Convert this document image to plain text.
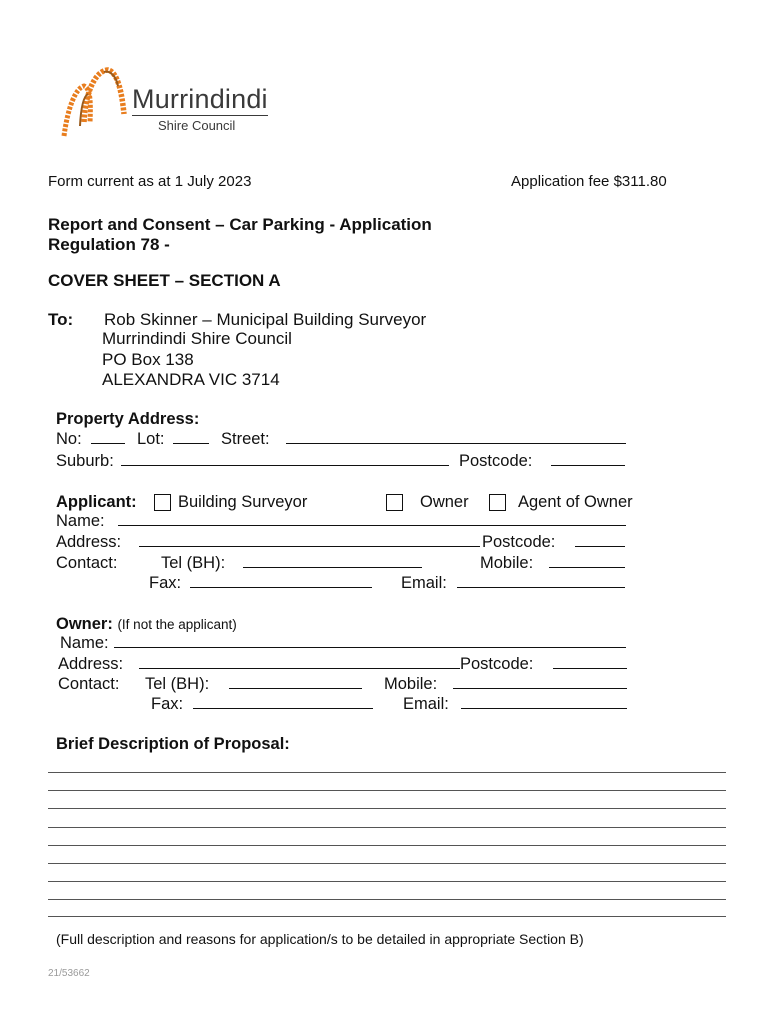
Murrindindi
Shire Council
Form current as at 1 July 2023	Application fee $311.80
Report and Consent – Car Parking - Application
Regulation 78 -
COVER SHEET – SECTION A
To: Rob Skinner – Municipal Building Surveyor
Murrindindi Shire Council
PO Box 138
ALEXANDRA VIC 3714
Property Address:
No:	Lot:	Street:
Suburb:	Postcode:
Applicant:	Building Surveyor	Owner	Agent of Owner
Name:
Address:	Postcode:
Contact:	Tel (BH):	Mobile:
Fax:	Email:
Owner: (If not the applicant)
Name:
Address:	Postcode:
Contact: Tel (BH):	Mobile:
Fax:	Email:
Brief Description of Proposal:
(Full description and reasons for application/s to be detailed in appropriate Section B)
21/53662
